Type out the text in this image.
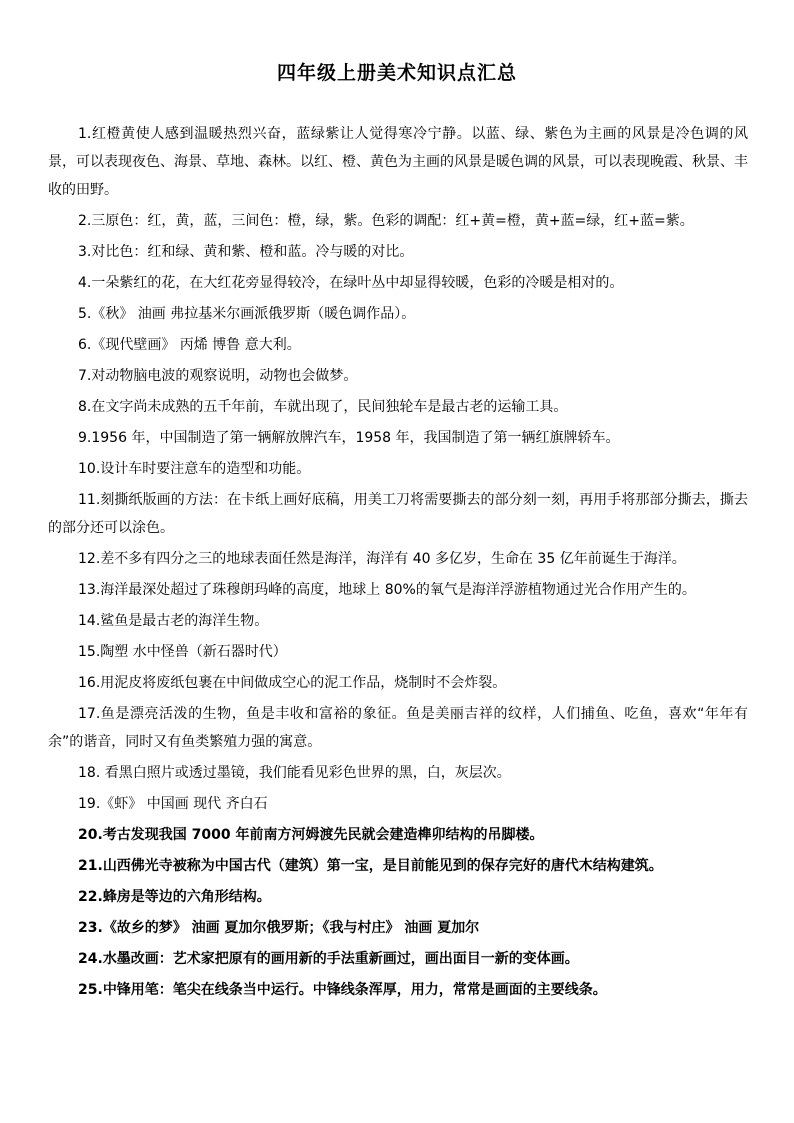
四年级上册美术知识点汇总

1.红橙黄使人感到温暖热烈兴奋，蓝绿紫让人觉得寒冷宁静。以蓝、绿、紫色为主画的风景是冷色调的风景，可以表现夜色、海景、草地、森林。以红、橙、黄色为主画的风景是暖色调的风景，可以表现晚霞、秋景、丰收的田野。

2.三原色：红，黄，蓝，三间色：橙，绿，紫。色彩的调配：红+黄=橙，黄+蓝=绿，红+蓝=紫。

3.对比色：红和绿、黄和紫、橙和蓝。冷与暖的对比。

4.一朵紫红的花，在大红花旁显得较冷，在绿叶丛中却显得较暖，色彩的冷暖是相对的。

5.《秋》 油画 弗拉基米尔画派俄罗斯（暖色调作品）。

6.《现代壁画》 丙烯 博鲁 意大利。

7.对动物脑电波的观察说明，动物也会做梦。

8.在文字尚未成熟的五千年前，车就出现了，民间独轮车是最古老的运输工具。

9.1956 年，中国制造了第一辆解放牌汽车，1958 年，我国制造了第一辆红旗牌轿车。

10.设计车时要注意车的造型和功能。

11.刻撕纸版画的方法：在卡纸上画好底稿，用美工刀将需要撕去的部分刻一刻，再用手将那部分撕去，撕去的部分还可以涂色。

12.差不多有四分之三的地球表面任然是海洋，海洋有 40 多亿岁，生命在 35 亿年前诞生于海洋。

13.海洋最深处超过了珠穆朗玛峰的高度，地球上 80%的氧气是海洋浮游植物通过光合作用产生的。

14.鲨鱼是最古老的海洋生物。

15.陶塑 水中怪兽（新石器时代）

16.用泥皮将废纸包裹在中间做成空心的泥工作品，烧制时不会炸裂。

17.鱼是漂亮活泼的生物，鱼是丰收和富裕的象征。鱼是美丽吉祥的纹样，人们捕鱼、吃鱼，喜欢“年年有余”的谐音，同时又有鱼类繁殖力强的寓意。

18. 看黑白照片或透过墨镜，我们能看见彩色世界的黑，白，灰层次。

19.《虾》 中国画 现代 齐白石

20.考古发现我国 7000 年前南方河姆渡先民就会建造榫卯结构的吊脚楼。

21.山西佛光寺被称为中国古代（建筑）第一宝，是目前能见到的保存完好的唐代木结构建筑。

22.蜂房是等边的六角形结构。

23.《故乡的梦》 油画 夏加尔俄罗斯；《我与村庄》 油画 夏加尔

24.水墨改画：艺术家把原有的画用新的手法重新画过，画出面目一新的变体画。

25.中锋用笔：笔尖在线条当中运行。中锋线条浑厚，用力，常常是画面的主要线条。
